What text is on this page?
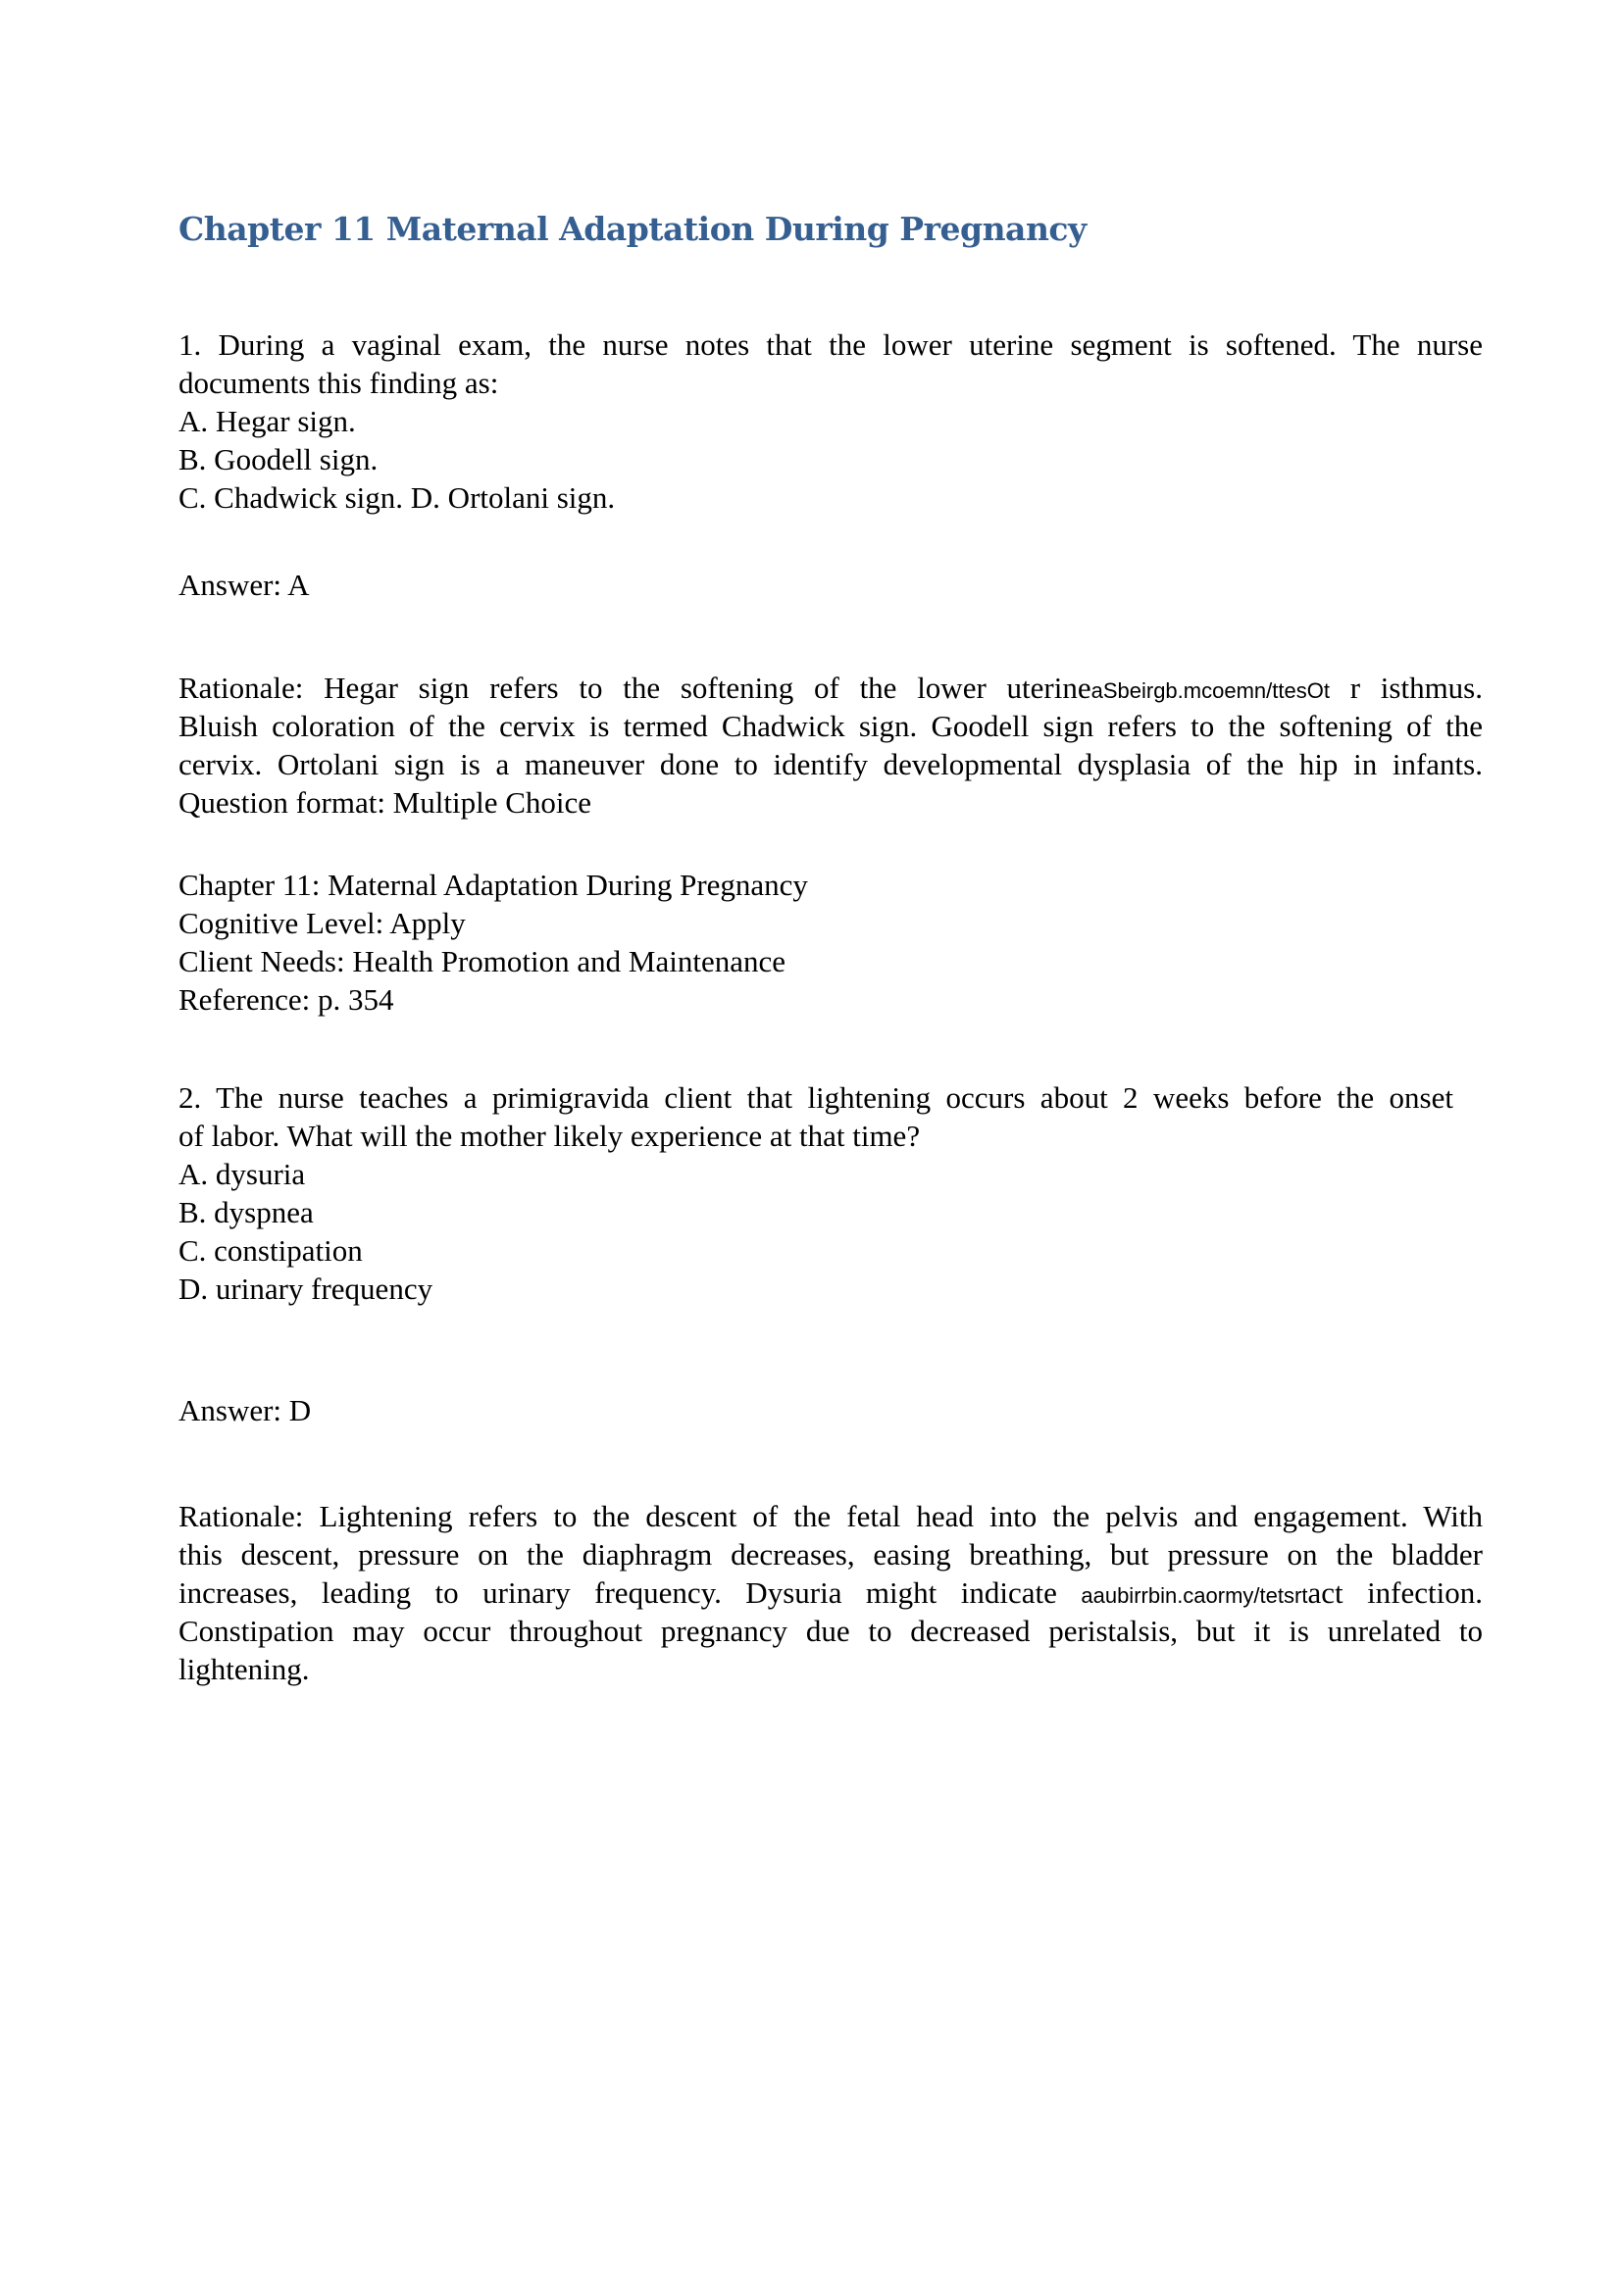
Chapter 11 Maternal Adaptation During Pregnancy
1. During a vaginal exam, the nurse notes that the lower uterine segment is softened. The nurse
documents this finding as:
A. Hegar sign.
B. Goodell sign.
C. Chadwick sign. D. Ortolani sign.
Answer: A
Rationale: Hegar sign refers to the softening of the lower uterineaSbeirgb.mcoemn/ttesOt r isthmus.
Bluish coloration of the cervix is termed Chadwick sign. Goodell sign refers to the softening of the
cervix. Ortolani sign is a maneuver done to identify developmental dysplasia of the hip in infants.
Question format: Multiple Choice
Chapter 11: Maternal Adaptation During Pregnancy
Cognitive Level: Apply
Client Needs: Health Promotion and Maintenance
Reference: p. 354
2. The nurse teaches a primigravida client that lightening occurs about 2 weeks before the onset
of labor. What will the mother likely experience at that time?
A. dysuria
B. dyspnea
C. constipation
D. urinary frequency
Answer: D
Rationale: Lightening refers to the descent of the fetal head into the pelvis and engagement. With
this descent, pressure on the diaphragm decreases, easing breathing, but pressure on the bladder
increases, leading to urinary frequency. Dysuria might indicate aaubirrbin.caormy/tetsrtact infection.
Constipation may occur throughout pregnancy due to decreased peristalsis, but it is unrelated to
lightening.
